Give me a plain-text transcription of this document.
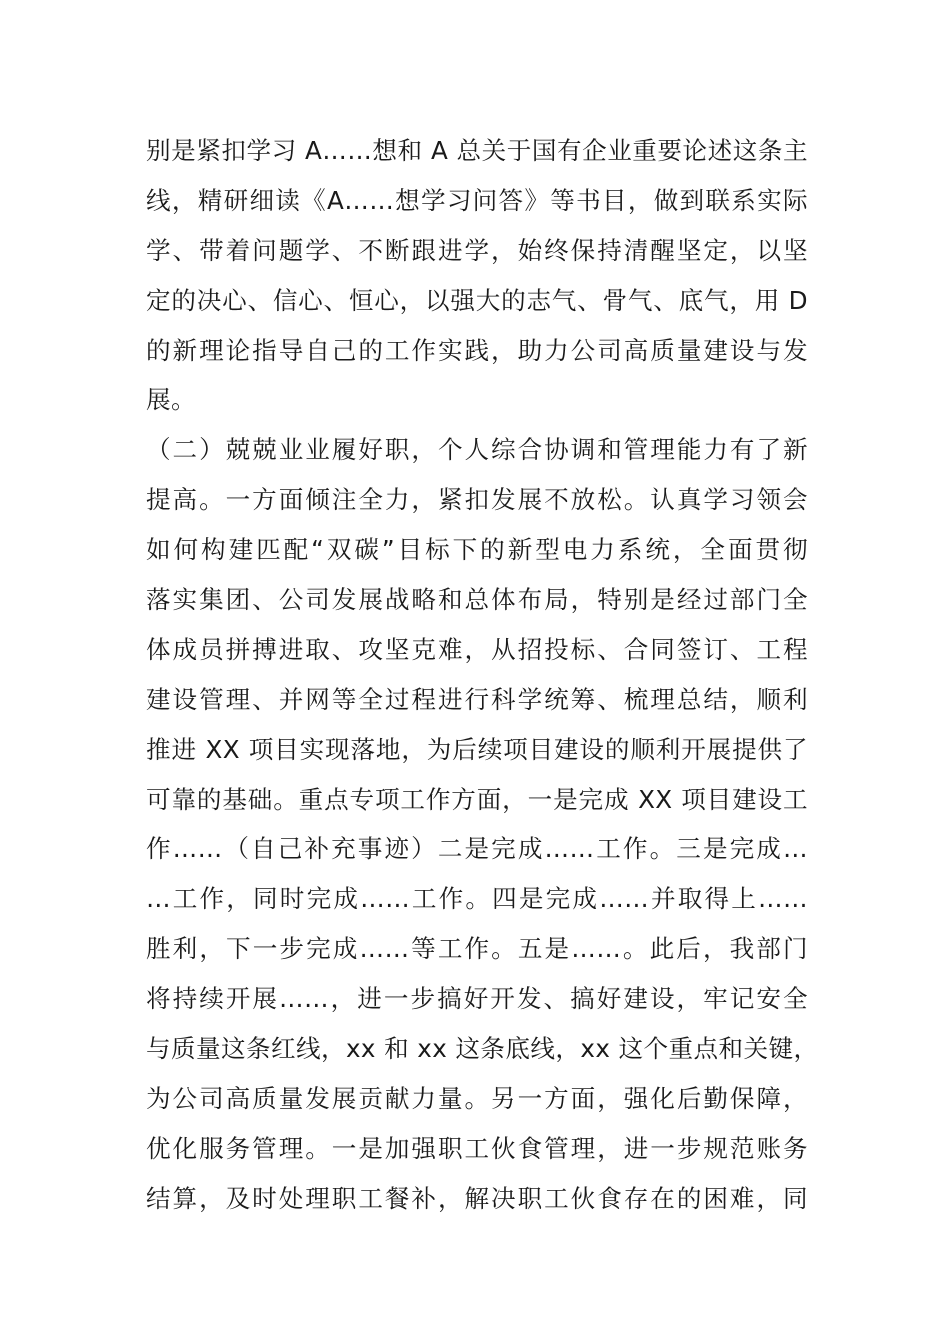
别是紧扣学习 A……想和 A 总关于国有企业重要论述这条主
线，精研细读《A……想学习问答》等书目，做到联系实际
学、带着问题学、不断跟进学，始终保持清醒坚定，以坚
定的决心、信心、恒心，以强大的志气、骨气、底气，用 D
的新理论指导自己的工作实践，助力公司高质量建设与发
展。
（二）兢兢业业履好职，个人综合协调和管理能力有了新
提高。一方面倾注全力，紧扣发展不放松。认真学习领会
如何构建匹配“双碳”目标下的新型电力系统，全面贯彻
落实集团、公司发展战略和总体布局，特别是经过部门全
体成员拼搏进取、攻坚克难，从招投标、合同签订、工程
建设管理、并网等全过程进行科学统筹、梳理总结，顺利
推进 XX 项目实现落地，为后续项目建设的顺利开展提供了
可靠的基础。重点专项工作方面，一是完成 XX 项目建设工
作……（自己补充事迹）二是完成……工作。三是完成…
…工作，同时完成……工作。四是完成……并取得上……
胜利，下一步完成……等工作。五是……。此后，我部门
将持续开展……，进一步搞好开发、搞好建设，牢记安全
与质量这条红线，xx 和 xx 这条底线，xx 这个重点和关键，
为公司高质量发展贡献力量。另一方面，强化后勤保障，
优化服务管理。一是加强职工伙食管理，进一步规范账务
结算，及时处理职工餐补，解决职工伙食存在的困难，同
